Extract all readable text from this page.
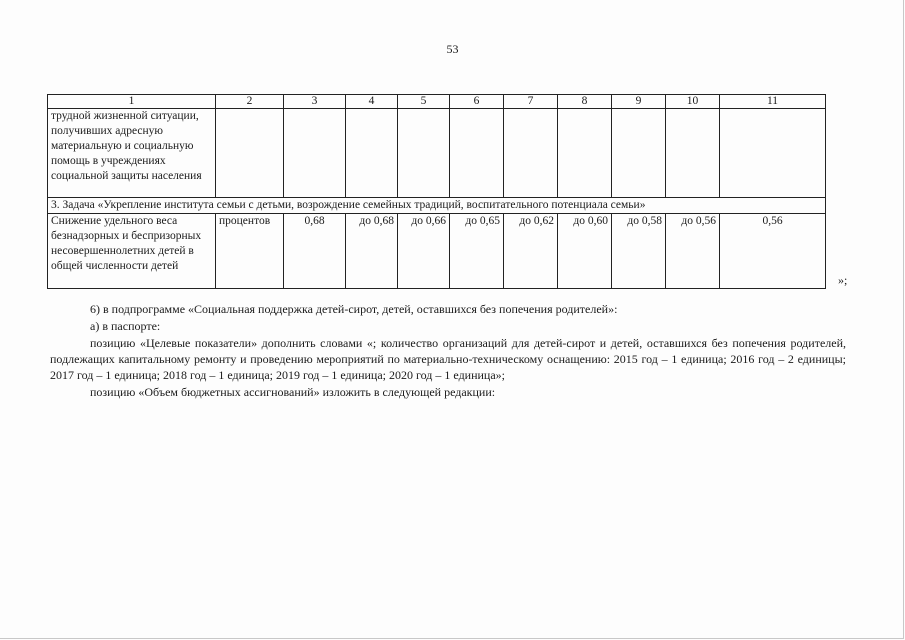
53
1	2	3	4	5	6	7	8	9	10	11
трудной жизненной ситуации, получивших адресную материальную и социальную помощь в учреждениях социальной защиты населения										
3. Задача «Укрепление института семьи с детьми, возрождение семейных традиций, воспитательного потенциала семьи»										
Снижение удельного веса безнадзорных и беспризорных несовершеннолетних детей в общей численности детей	процентов	0,68	до 0,68	до 0,66	до 0,65	до 0,62	до 0,60	до 0,58	до 0,56	0,56
»;

6) в подпрограмме «Социальная поддержка детей-сирот, детей, оставшихся без попечения родителей»:

а) в паспорте:

позицию «Целевые показатели» дополнить словами «; количество организаций для детей-сирот и детей, оставшихся без попечения родителей, подлежащих капитальному ремонту и проведению мероприятий по материально-техническому оснащению: 2015 год – 1 единица; 2016 год – 2 единицы; 2017 год – 1 единица; 2018 год – 1 единица; 2019 год – 1 единица; 2020 год – 1 единица»;

позицию «Объем бюджетных ассигнований» изложить в следующей редакции:
